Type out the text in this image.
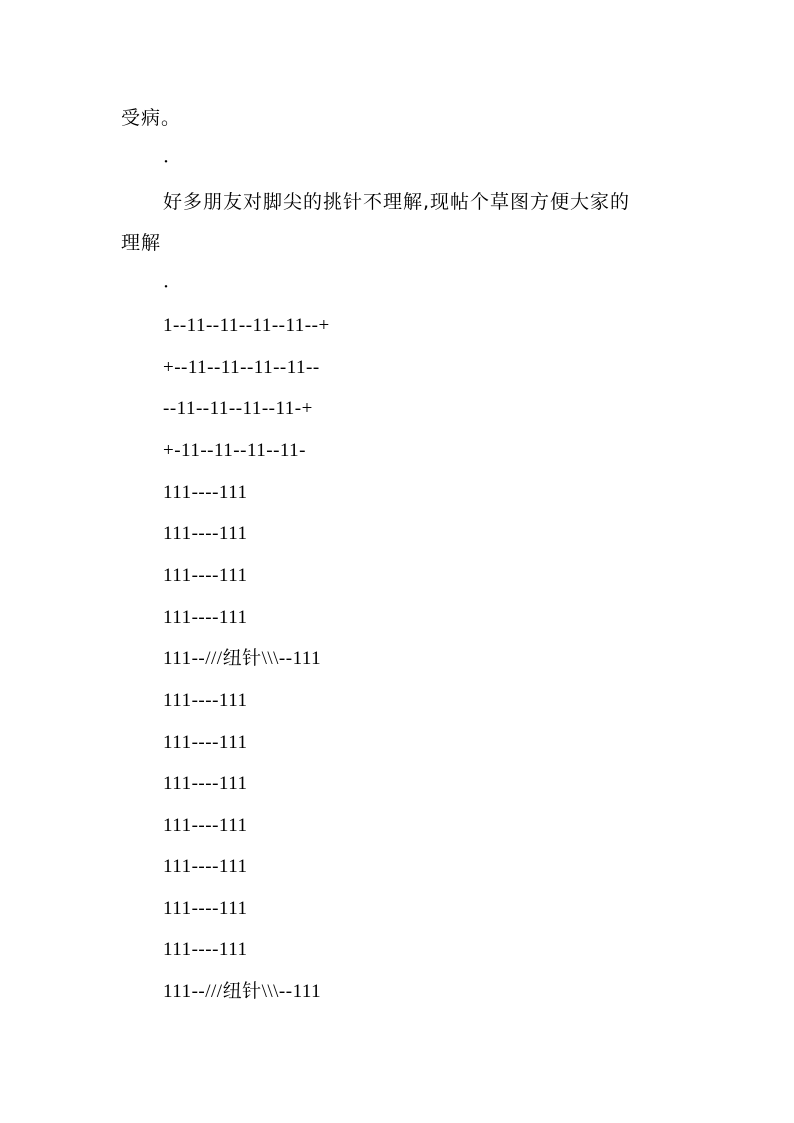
受病。
·
好多朋友对脚尖的挑针不理解,现帖个草图方便大家的
理解
·
1--11--11--11--11--+
+--11--11--11--11--
--11--11--11--11-+
+-11--11--11--11-
111----111
111----111
111----111
111----111
111--///纽针\\\--111
111----111
111----111
111----111
111----111
111----111
111----111
111----111
111--///纽针\\\--111
